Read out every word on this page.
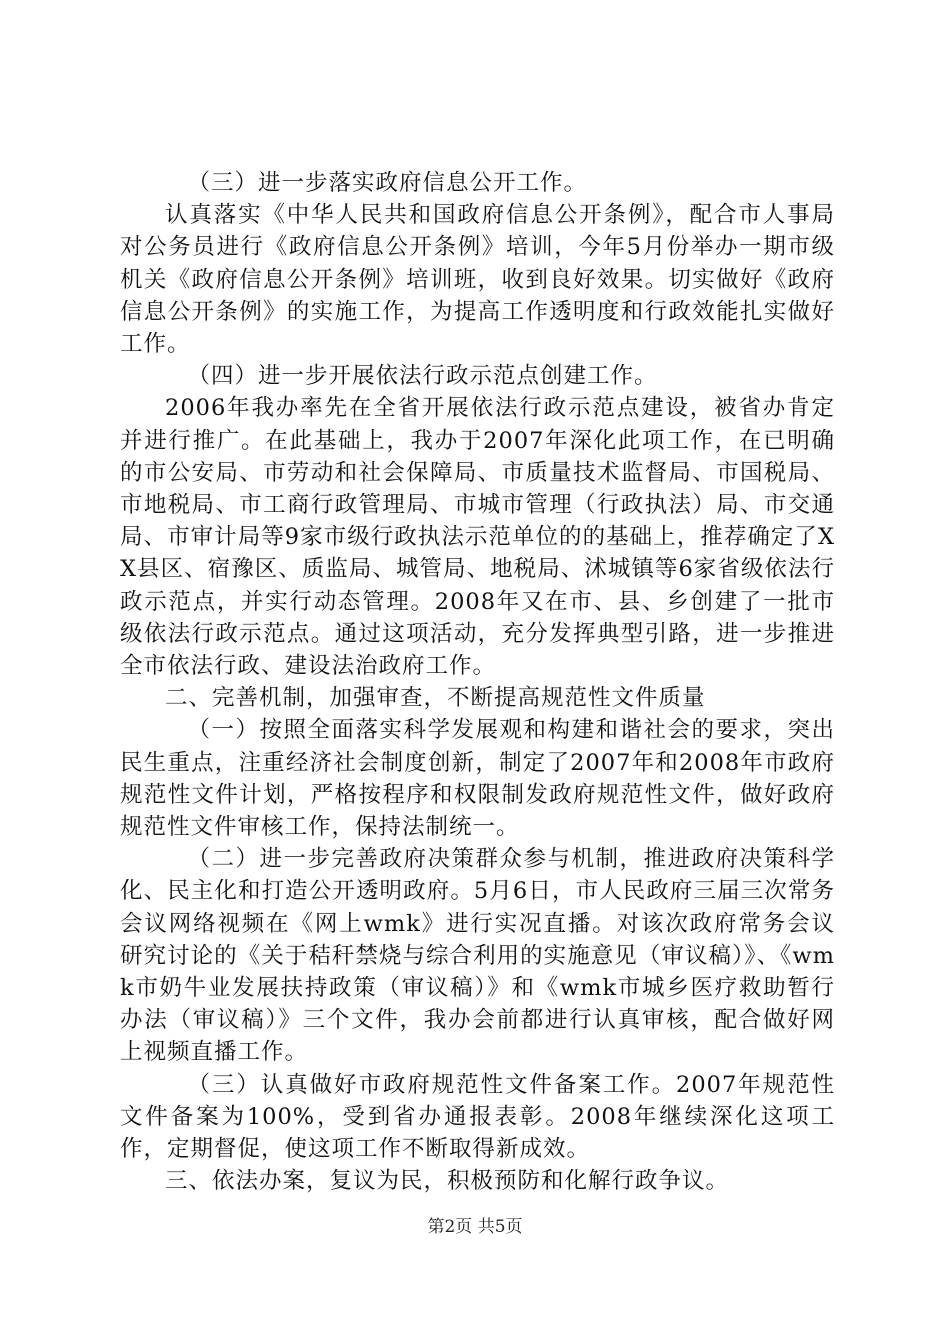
（三）进一步落实政府信息公开工作。

认真落实《中华人民共和国政府信息公开条例》，配合市人事局对公务员进行《政府信息公开条例》培训，今年5月份举办一期市级机关《政府信息公开条例》培训班，收到良好效果。切实做好《政府信息公开条例》的实施工作，为提高工作透明度和行政效能扎实做好工作。

（四）进一步开展依法行政示范点创建工作。

2006年我办率先在全省开展依法行政示范点建设，被省办肯定并进行推广。在此基础上，我办于2007年深化此项工作，在已明确的市公安局、市劳动和社会保障局、市质量技术监督局、市国税局、市地税局、市工商行政管理局、市城市管理（行政执法）局、市交通局、市审计局等9家市级行政执法示范单位的的基础上，推荐确定了XX县区、宿豫区、质监局、城管局、地税局、沭城镇等6家省级依法行政示范点，并实行动态管理。2008年又在市、县、乡创建了一批市级依法行政示范点。通过这项活动，充分发挥典型引路，进一步推进全市依法行政、建设法治政府工作。

二、完善机制，加强审查，不断提高规范性文件质量

（一）按照全面落实科学发展观和构建和谐社会的要求，突出民生重点，注重经济社会制度创新，制定了2007年和2008年市政府规范性文件计划，严格按程序和权限制发政府规范性文件，做好政府规范性文件审核工作，保持法制统一。

（二）进一步完善政府决策群众参与机制，推进政府决策科学化、民主化和打造公开透明政府。5月6日，市人民政府三届三次常务会议网络视频在《网上wmk》进行实况直播。对该次政府常务会议研究讨论的《关于秸秆禁烧与综合利用的实施意见（审议稿）》、《wmk市奶牛业发展扶持政策（审议稿）》和《wmk市城乡医疗救助暂行办法（审议稿）》三个文件，我办会前都进行认真审核，配合做好网上视频直播工作。

（三）认真做好市政府规范性文件备案工作。2007年规范性文件备案为100%，受到省办通报表彰。2008年继续深化这项工作，定期督促，使这项工作不断取得新成效。

三、依法办案，复议为民，积极预防和化解行政争议。

第2页 共5页
